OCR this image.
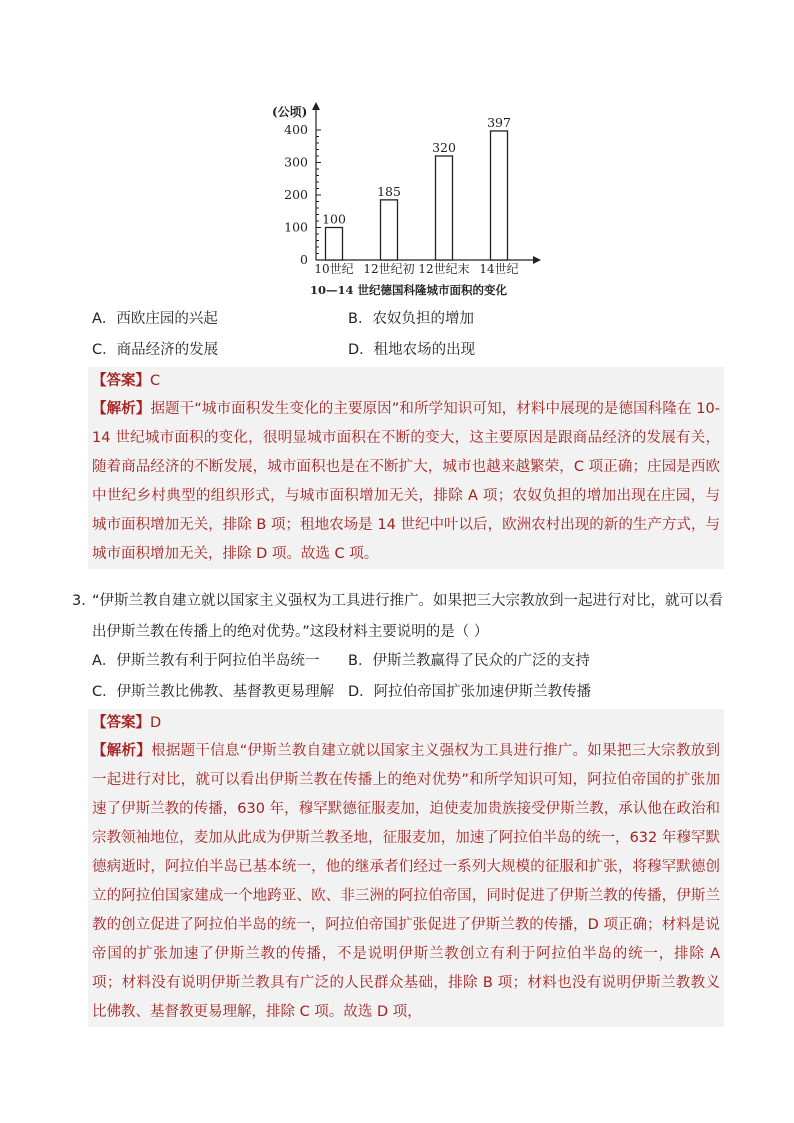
(公顷)
0
100
200
300
400
100
10世纪
185
12世纪初
320
12世纪末
397
14世纪
10—14 世纪德国科隆城市面积的变化
A．西欧庄园的兴起	B．农奴负担的增加
C．商品经济的发展	D．租地农场的出现
【答案】C
【解析】据题干“城市面积发生变化的主要原因”和所学知识可知，材料中展现的是德国科隆在 10-14 世纪城市面积的变化，很明显城市面积在不断的变大，这主要原因是跟商品经济的发展有关，随着商品经济的不断发展，城市面积也是在不断扩大，城市也越来越繁荣，C 项正确；庄园是西欧中世纪乡村典型的组织形式，与城市面积增加无关，排除 A 项；农奴负担的增加出现在庄园，与城市面积增加无关，排除 B 项；租地农场是 14 世纪中叶以后，欧洲农村出现的新的生产方式，与城市面积增加无关，排除 D 项。故选 C 项。
3．
“伊斯兰教自建立就以国家主义强权为工具进行推广。如果把三大宗教放到一起进行对比，就可以看出伊斯兰教在传播上的绝对优势。”这段材料主要说明的是（ ）
A．伊斯兰教有利于阿拉伯半岛统一 B．伊斯兰教赢得了民众的广泛的支持
C．伊斯兰教比佛教、基督教更易理解 D．阿拉伯帝国扩张加速伊斯兰教传播
【答案】D
【解析】根据题干信息“伊斯兰教自建立就以国家主义强权为工具进行推广。如果把三大宗教放到一起进行对比，就可以看出伊斯兰教在传播上的绝对优势”和所学知识可知，阿拉伯帝国的扩张加速了伊斯兰教的传播，630 年，穆罕默德征服麦加，迫使麦加贵族接受伊斯兰教，承认他在政治和宗教领袖地位，麦加从此成为伊斯兰教圣地，征服麦加，加速了阿拉伯半岛的统一，632 年穆罕默德病逝时，阿拉伯半岛已基本统一，他的继承者们经过一系列大规模的征服和扩张，将穆罕默德创立的阿拉伯国家建成一个地跨亚、欧、非三洲的阿拉伯帝国，同时促进了伊斯兰教的传播，伊斯兰教的创立促进了阿拉伯半岛的统一，阿拉伯帝国扩张促进了伊斯兰教的传播，D 项正确；材料是说帝国的扩张加速了伊斯兰教的传播，不是说明伊斯兰教创立有利于阿拉伯半岛的统一，排除 A 项；材料没有说明伊斯兰教具有广泛的人民群众基础，排除 B 项；材料也没有说明伊斯兰教教义比佛教、基督教更易理解，排除 C 项。故选 D 项，
